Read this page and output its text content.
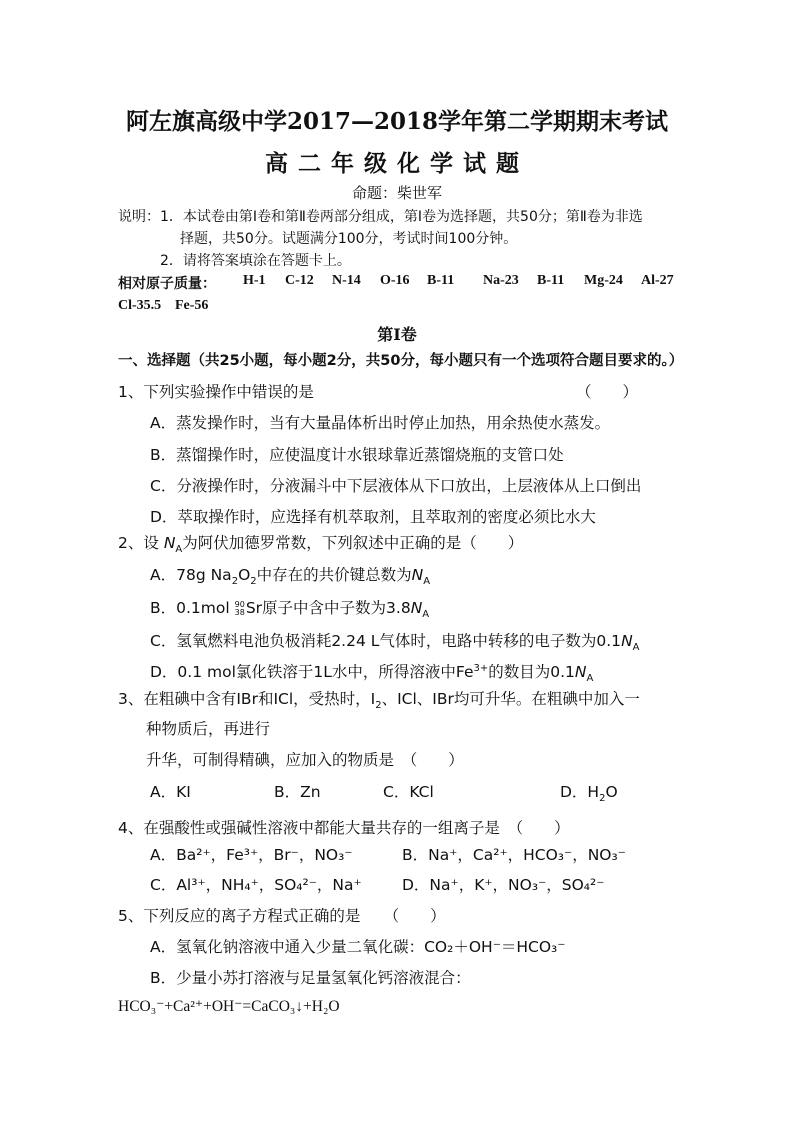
阿左旗高级中学2017—2018学年第二学期期末考试
高二年级化学试题
命题：柴世军
说明：1．本试卷由第Ⅰ卷和第Ⅱ卷两部分组成，第Ⅰ卷为选择题，共50分；第Ⅱ卷为非选
择题，共50分。试题满分100分，考试时间100分钟。
2．请将答案填涂在答题卡上。
相对原子质量： H-1 C-12 N-14 O-16 B-11 Na-23 B-11 Mg-24 Al-27
Cl-35.5 Fe-56
第Ⅰ卷
一、选择题（共25小题，每小题2分，共50分，每小题只有一个选项符合题目要求的。）
1、下列实验操作中错误的是	（　　）
A．蒸发操作时，当有大量晶体析出时停止加热，用余热使水蒸发。
B．蒸馏操作时，应使温度计水银球靠近蒸馏烧瓶的支管口处
C．分液操作时，分液漏斗中下层液体从下口放出，上层液体从上口倒出
D．萃取操作时，应选择有机萃取剂，且萃取剂的密度必须比水大
2、设 $N_A$为阿伏加德罗常数，下列叙述中正确的是（　　）
A．78g $Na_2O_2$中存在的共价键总数为$N_A$
B．0.1mol 90
38 Sr原子中含中子数为$3.8N_A$
C．氢氧燃料电池负极消耗2.24 L气体时，电路中转移的电子数为$0.1N_A$
D．0.1 mol氯化铁溶于1L水中，所得溶液中$Fe^{3+}$的数目为$0.1N_A$
3、在粗碘中含有IBr和ICl，受热时，$I_2$、ICl、IBr均可升华。在粗碘中加入一
种物质后，再进行
升华，可制得精碘，应加入的物质是　（　　）
A．KI	B．Zn	C．KCl	D．$H_2O$
4、在强酸性或强碱性溶液中都能大量共存的一组离子是　（　　）
A．Ba²⁺，Fe³⁺，Br⁻，NO₃⁻	B．Na⁺，Ca²⁺，HCO₃⁻，NO₃⁻
C．Al³⁺，NH₄⁺，SO₄²⁻，Na⁺	D．Na⁺，K⁺，NO₃⁻，SO₄²⁻
5、下列反应的离子方程式正确的是　　（　　）
A．氢氧化钠溶液中通入少量二氧化碳：CO₂＋OH⁻＝HCO₃⁻
B．少量小苏打溶液与足量氢氧化钙溶液混合：
HCO₃⁻+Ca²⁺+OH⁻=CaCO₃↓+H₂O
